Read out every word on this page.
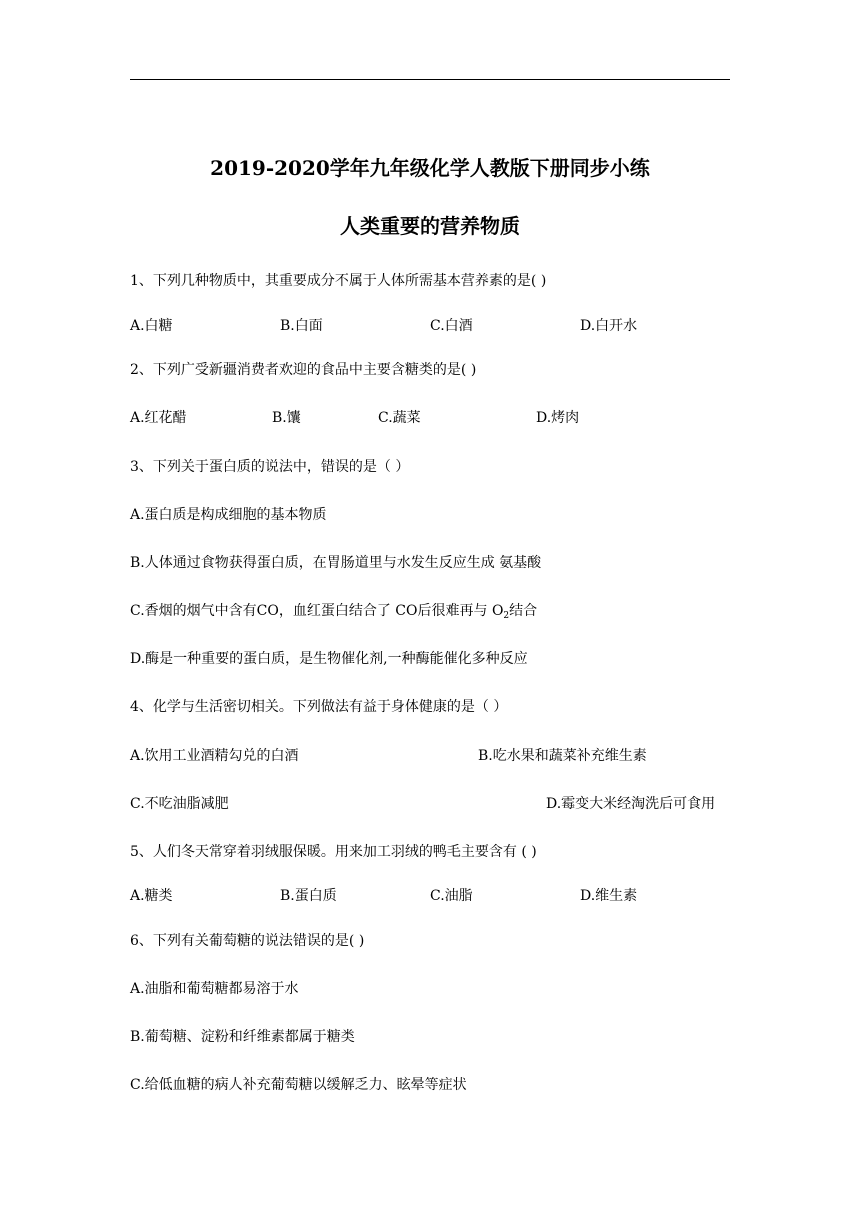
2019-2020学年九年级化学人教版下册同步小练
人类重要的营养物质
1、下列几种物质中，其重要成分不属于人体所需基本营养素的是( )
A.白糖	B.白面	C.白酒	D.白开水
2、下列广受新疆消费者欢迎的食品中主要含糖类的是( )
A.红花醋	B.馕	C.蔬菜	D.烤肉
3、下列关于蛋白质的说法中，错误的是（ ）
A.蛋白质是构成细胞的基本物质
B.人体通过食物获得蛋白质，在胃肠道里与水发生反应生成 氨基酸
C.香烟的烟气中含有CO，血红蛋白结合了 CO后很难再与 $O_2$结合
D.酶是一种重要的蛋白质，是生物催化剂,一种酶能催化多种反应
4、化学与生活密切相关。下列做法有益于身体健康的是（ ）
A.饮用工业酒精勾兑的白酒	B.吃水果和蔬菜补充维生素
C.不吃油脂减肥	D.霉变大米经淘洗后可食用
5、人们冬天常穿着羽绒服保暖。用来加工羽绒的鸭毛主要含有 ( )
A.糖类	B.蛋白质	C.油脂	D.维生素
6、下列有关葡萄糖的说法错误的是( )
A.油脂和葡萄糖都易溶于水
B.葡萄糖、淀粉和纤维素都属于糖类
C.给低血糖的病人补充葡萄糖以缓解乏力、眩晕等症状
